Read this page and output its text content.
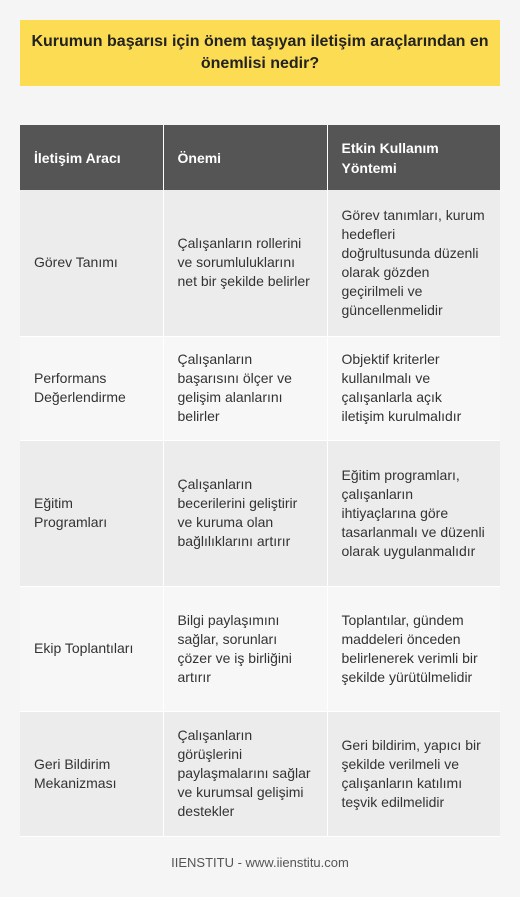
Kurumun başarısı için önem taşıyan iletişim araçlarından en önemlisi nedir?
İletişim Aracı	Önemi	Etkin Kullanım Yöntemi
Görev Tanımı	Çalışanların rollerini ve sorumluluklarını net bir şekilde belirler	Görev tanımları, kurum hedefleri doğrultusunda düzenli olarak gözden geçirilmeli ve güncellenmelidir
Performans Değerlendirme	Çalışanların başarısını ölçer ve gelişim alanlarını belirler	Objektif kriterler kullanılmalı ve çalışanlarla açık iletişim kurulmalıdır
Eğitim Programları	Çalışanların becerilerini geliştirir ve kuruma olan bağlılıklarını artırır	Eğitim programları, çalışanların ihtiyaçlarına göre tasarlanmalı ve düzenli olarak uygulanmalıdır
Ekip Toplantıları	Bilgi paylaşımını sağlar, sorunları çözer ve iş birliğini artırır	Toplantılar, gündem maddeleri önceden belirlenerek verimli bir şekilde yürütülmelidir
Geri Bildirim Mekanizması	Çalışanların görüşlerini paylaşmalarını sağlar ve kurumsal gelişimi destekler	Geri bildirim, yapıcı bir şekilde verilmeli ve çalışanların katılımı teşvik edilmelidir
IIENSTITU - www.iienstitu.com
